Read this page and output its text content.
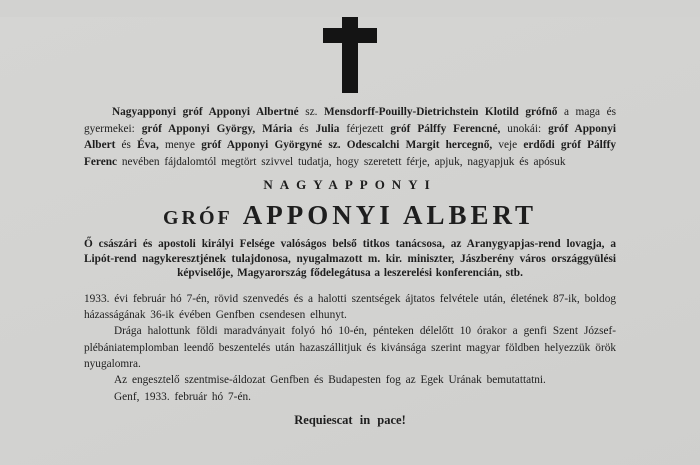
Nagyapponyi gróf Apponyi Albertné sz. Mensdorff-Pouilly-Dietrichstein Klotild grófnő a maga és gyermekei: gróf Apponyi György, Mária és Julia férjezett gróf Pálffy Ferencné, unokái: gróf Apponyi Albert és Éva, menye gróf Apponyi Györgyné sz. Odescalchi Margit hercegnő, veje erdődi gróf Pálffy Ferenc nevében fájdalomtól megtört szivvel tudatja, hogy szeretett férje, apjuk, nagyapjuk és apósuk

NAGYAPPONYI
GRÓF APPONYI ALBERT

Ő császári és apostoli királyi Felsége valóságos belső titkos tanácsosa, az Aranygyapjas-rend lovagja, a Lipót-rend nagykeresztjének tulajdonosa, nyugalmazott m. kir. miniszter, Jászberény város országgyülési képviselője, Magyarország fődelegátusa a leszerelési konferencián, stb.

1933. évi február hó 7-én, rövid szenvedés és a halotti szentségek ájtatos felvétele után, életének 87-ik, boldog házasságának 36-ik évében Genfben csendesen elhunyt.

Drága halottunk földi maradványait folyó hó 10-én, pénteken délelőtt 10 órakor a genfi Szent József-plébániatemplomban leendő beszentelés után hazaszállitjuk és kivánsága szerint magyar földben helyezzük örök nyugalomra.

Az engesztelő szentmise-áldozat Genfben és Budapesten fog az Egek Urának bemutattatni.

Genf, 1933. február hó 7-én.

Requiescat in pace!
